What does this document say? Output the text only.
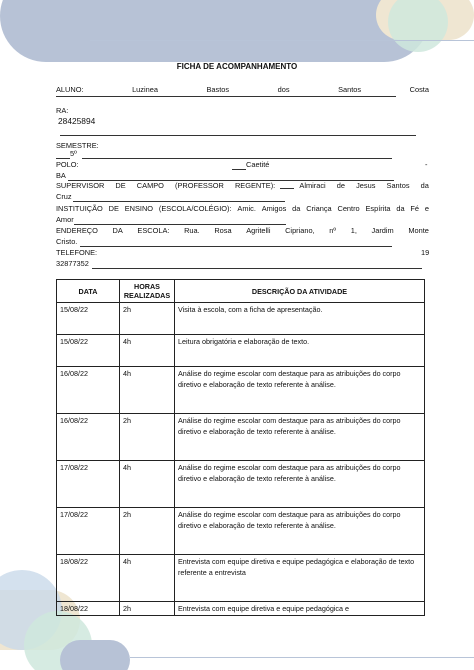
FICHA DE ACOMPANHAMENTO
ALUNO:	Luzinea	Bastos	dos	Santos	Costa
RA:
28425894
SEMESTRE:
5º
POLO:	Caetité	-
BA
SUPERVISOR DE CAMPO (PROFESSOR REGENTE):	Almiraci de Jesus Santos da
Cruz
INSTITUIÇÃO DE ENSINO (ESCOLA/COLÉGIO): Amic. Amigos da Criança Centro Espírita da Fé e
Amor
ENDEREÇO DA ESCOLA: Rua. Rosa Agritelli Cipriano, nº 1, Jardim Monte
Cristo.
TELEFONE:	19
32877352
DATA	HORAS REALIZADAS	DESCRIÇÃO DA ATIVIDADE
15/08/22	2h	Visita à escola, com a ficha de apresentação.
15/08/22	4h	Leitura obrigatória e elaboração de texto.
16/08/22	4h	Análise do regime escolar com destaque para as atribuições do corpo diretivo e elaboração de texto referente à análise.
16/08/22	2h	Análise do regime escolar com destaque para as atribuições do corpo diretivo e elaboração de texto referente à análise.
17/08/22	4h	Análise do regime escolar com destaque para as atribuições do corpo diretivo e elaboração de texto referente à análise.
17/08/22	2h	Análise do regime escolar com destaque para as atribuições do corpo diretivo e elaboração de texto referente à análise.
18/08/22	4h	Entrevista com equipe diretiva e equipe pedagógica e elaboração de texto referente a entrevista
18/08/22	2h	Entrevista com equipe diretiva e equipe pedagógica e
